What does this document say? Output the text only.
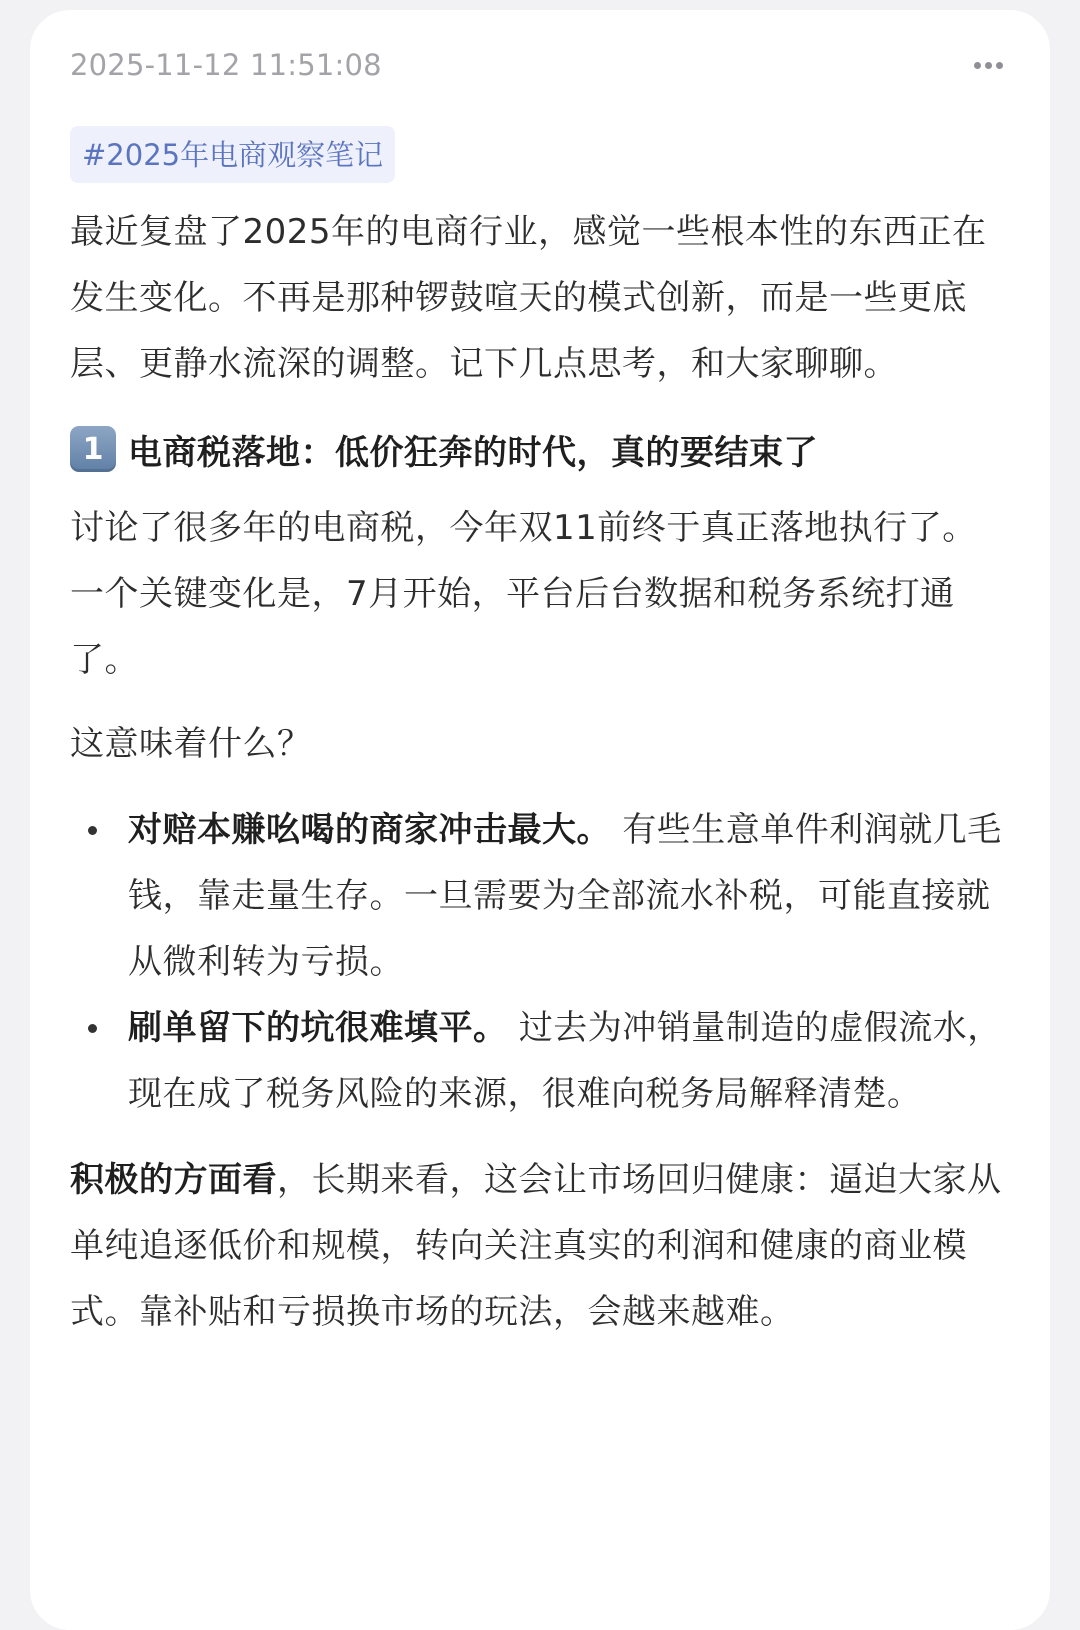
2025-11-12 11:51:08
#2025年电商观察笔记

最近复盘了2025年的电商行业，感觉一些根本性的东西正在发生变化。不再是那种锣鼓喧天的模式创新，而是一些更底层、更静水流深的调整。记下几点思考，和大家聊聊。

1 电商税落地：低价狂奔的时代，真的要结束了

讨论了很多年的电商税，今年双11前终于真正落地执行了。一个关键变化是，7月开始，平台后台数据和税务系统打通了。

这意味着什么？

对赔本赚吆喝的商家冲击最大。 有些生意单件利润就几毛钱，靠走量生存。一旦需要为全部流水补税，可能直接就从微利转为亏损。
刷单留下的坑很难填平。 过去为冲销量制造的虚假流水，现在成了税务风险的来源，很难向税务局解释清楚。

积极的方面看，长期来看，这会让市场回归健康：逼迫大家从单纯追逐低价和规模，转向关注真实的利润和健康的商业模式。靠补贴和亏损换市场的玩法，会越来越难。
